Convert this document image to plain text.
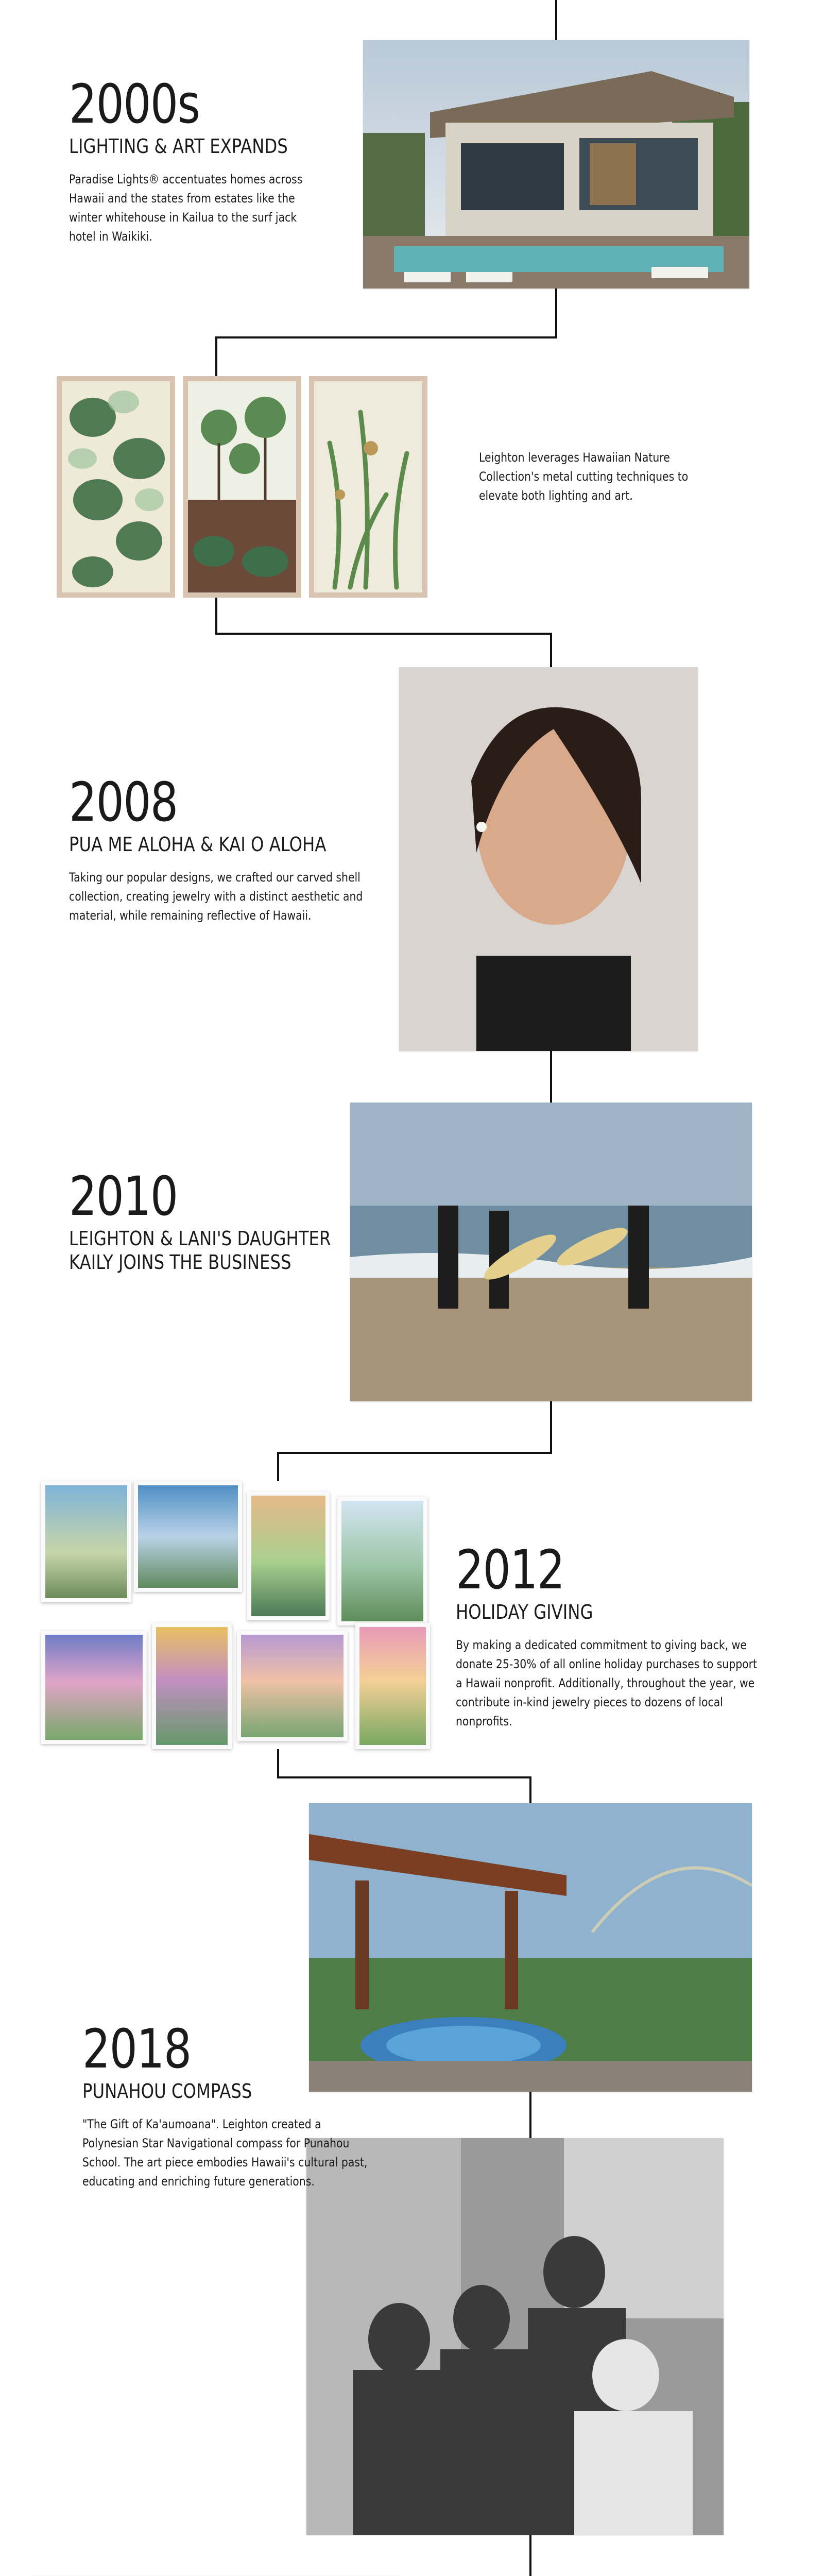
2000s
LIGHTING & ART EXPANDS

Paradise Lights® accentuates homes across Hawaii and the states from estates like the winter whitehouse in Kailua to the surf jack hotel in Waikiki.

Leighton leverages Hawaiian Nature Collection's metal cutting techniques to elevate both lighting and art.

2008
PUA ME ALOHA & KAI O ALOHA

Taking our popular designs, we crafted our carved shell collection, creating jewelry with a distinct aesthetic and material, while remaining reflective of Hawaii.

2010
LEIGHTON & LANI'S DAUGHTER
KAILY JOINS THE BUSINESS
2012
HOLIDAY GIVING

By making a dedicated commitment to giving back, we donate 25-30% of all online holiday purchases to support a Hawaii nonprofit. Additionally, throughout the year, we contribute in-kind jewelry pieces to dozens of local nonprofits.

2018
PUNAHOU COMPASS

"The Gift of Ka'aumoana". Leighton created a Polynesian Star Navigational compass for Punahou School. The art piece embodies Hawaii's cultural past, educating and enriching future generations.
